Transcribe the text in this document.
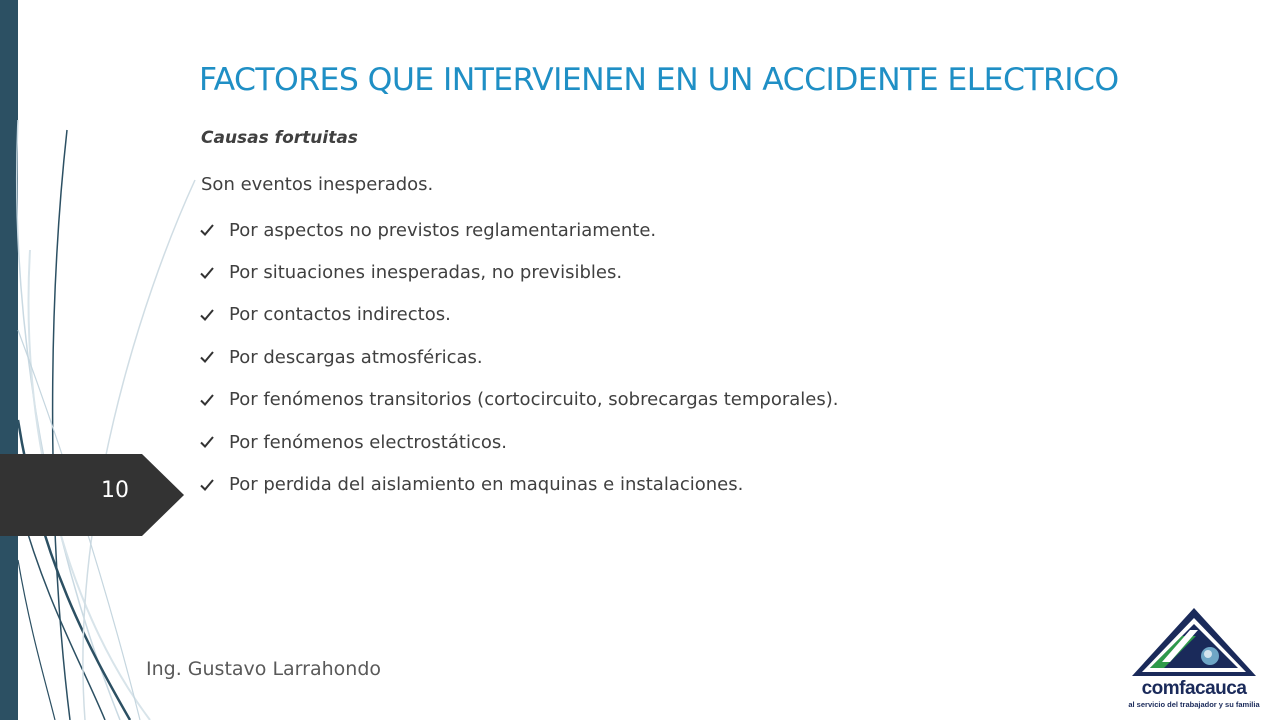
10
FACTORES QUE INTERVIENEN EN UN ACCIDENTE ELECTRICO
Causas fortuitas
Son eventos inesperados.
Por aspectos no previstos reglamentariamente.
Por situaciones inesperadas, no previsibles.
Por contactos indirectos.
Por descargas atmosféricas.
Por fenómenos transitorios (cortocircuito, sobrecargas temporales).
Por fenómenos electrostáticos.
Por perdida del aislamiento en maquinas e instalaciones.
Ing. Gustavo Larrahondo
comfacauca
al servicio del trabajador y su familia
